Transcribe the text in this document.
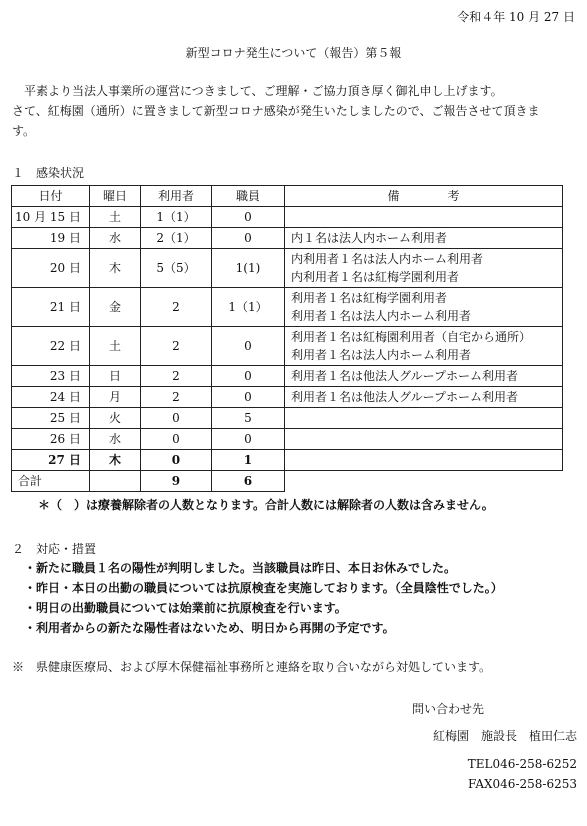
令和４年 10 月 27 日
新型コロナ発生について（報告）第５報
平素より当法人事業所の運営につきまして、ご理解・ご協力頂き厚く御礼申し上げます。
さて、紅梅園（通所）に置きまして新型コロナ感染が発生いたしましたので、ご報告させて頂きま
す。
１　感染状況
日付	曜日	利用者	職員	備　　　　考
10 月 15 日	土	1（1）	0	
19 日	水	2（1）	0	内１名は法人内ホーム利用者

20 日	木	5（5）	1(1)	内利用者１名は法人内ホーム利用者
内利用者１名は紅梅学園利用者

21 日	金	2	1（1）	利用者１名は紅梅学園利用者
利用者１名は法人内ホーム利用者

22 日	土	2	0	利用者１名は紅梅園利用者（自宅から通所）
利用者１名は法人内ホーム利用者

23 日	日	2	0	利用者１名は他法人グループホーム利用者

24 日	月	2	0	利用者１名は他法人グループホーム利用者

25 日	火	0	5	
26 日	水	0	0	
27 日	木	0	1	
合計		9	6	
＊（　）は療養解除者の人数となります。合計人数には解除者の人数は含みません。
２　対応・措置
・新たに職員１名の陽性が判明しました。当該職員は昨日、本日お休みでした。
・昨日・本日の出勤の職員については抗原検査を実施しております。（全員陰性でした。）
・明日の出勤職員については始業前に抗原検査を行います。
・利用者からの新たな陽性者はないため、明日から再開の予定です。
※　県健康医療局、および厚木保健福祉事務所と連絡を取り合いながら対処しています。
問い合わせ先
紅梅園　施設長　植田仁志
TEL046-258-6252
FAX046-258-6253
